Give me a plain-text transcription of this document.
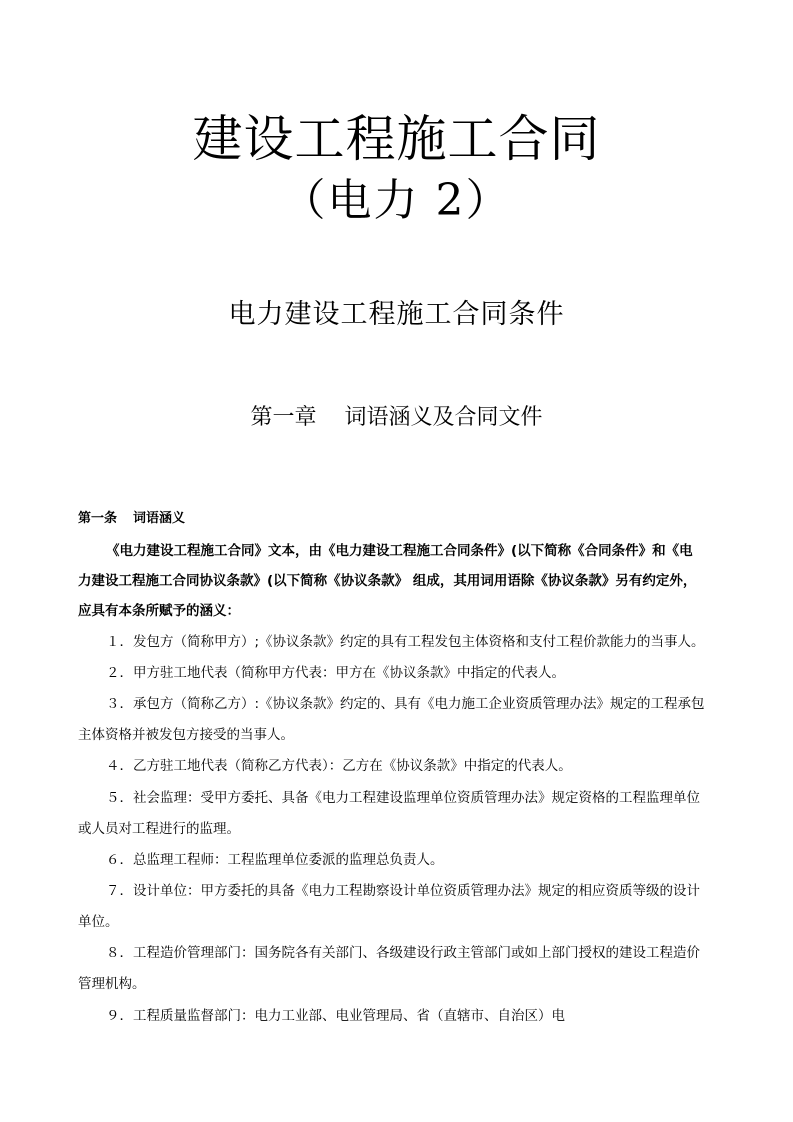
建设工程施工合同
（电力 2）
电力建设工程施工合同条件
第一章 词语涵义及合同文件
第一条 词语涵义
《电力建设工程施工合同》文本，由《电力建设工程施工合同条件》(以下简称《合同条件》和《电
力建设工程施工合同协议条款》(以下简称《协议条款》 组成，其用词用语除《协议条款》另有约定外，
应具有本条所赋予的涵义：
１．发包方（简称甲方）;《协议条款》约定的具有工程发包主体资格和支付工程价款能力的当事人。
２．甲方驻工地代表（简称甲方代表：甲方在《协议条款》中指定的代表人。
３．承包方（简称乙方）:《协议条款》约定的、具有《电力施工企业资质管理办法》规定的工程承包
主体资格并被发包方接受的当事人。
４．乙方驻工地代表（简称乙方代表）：乙方在《协议条款》中指定的代表人。
５．社会监理：受甲方委托、具备《电力工程建设监理单位资质管理办法》规定资格的工程监理单位
或人员对工程进行的监理。
６．总监理工程师：工程监理单位委派的监理总负责人。
７．设计单位：甲方委托的具备《电力工程勘察设计单位资质管理办法》规定的相应资质等级的设计
单位。
８．工程造价管理部门：国务院各有关部门、各级建设行政主管部门或如上部门授权的建设工程造价
管理机构。
９．工程质量监督部门：电力工业部、电业管理局、省（直辖市、自治区）电
